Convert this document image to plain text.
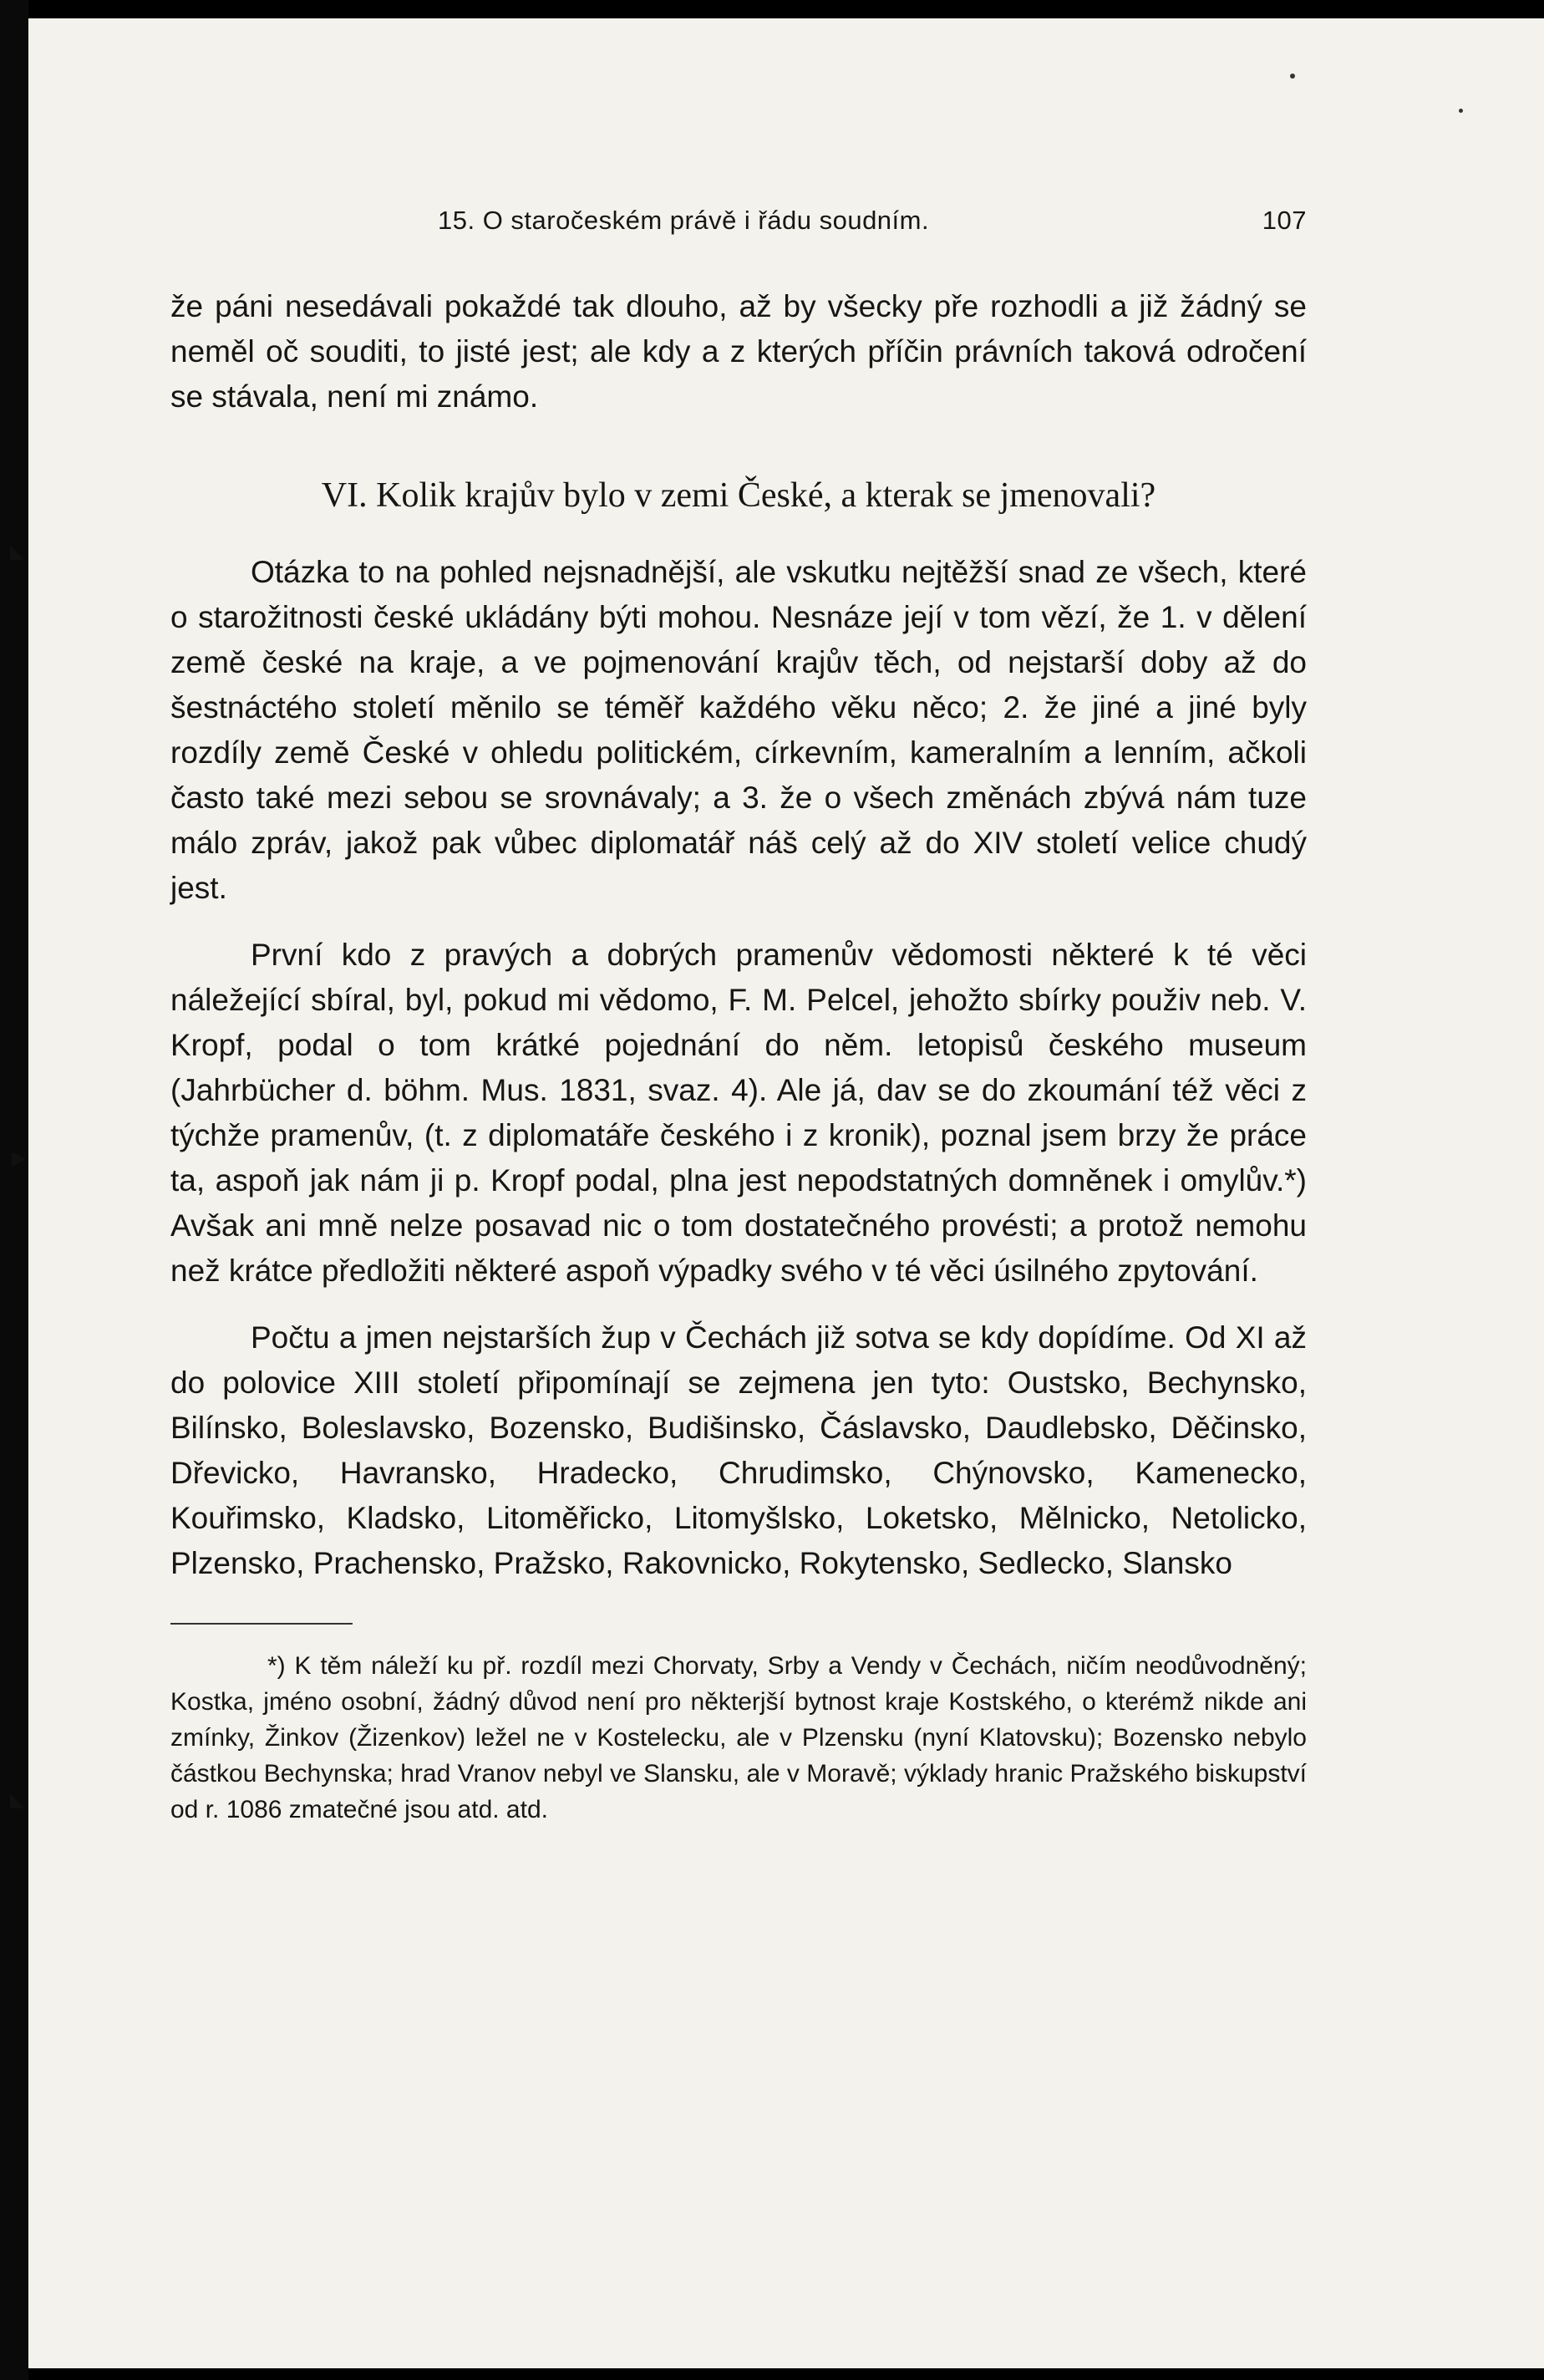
◣
▶
◣
15. O staročeském právě i řádu soudním.	107

že páni nesedávali pokaždé tak dlouho, až by všecky pře rozhodli a již žádný se neměl oč souditi, to jisté jest; ale kdy a z kterých příčin právních taková odročení se stávala, není mi známo.

VI. Kolik krajův bylo v zemi České, a kterak se jmenovali?

Otázka to na pohled nejsnadnější, ale vskutku nejtěžší snad ze všech, které o starožitnosti české ukládány býti mohou. Nesnáze její v tom vězí, že 1. v dělení země české na kraje, a ve pojmenování krajův těch, od nejstarší doby až do šestnáctého století měnilo se téměř každého věku něco; 2. že jiné a jiné byly rozdíly země České v ohledu politickém, církevním, kameralním a lenním, ačkoli často také mezi sebou se srovnávaly; a 3. že o všech změnách zbývá nám tuze málo zpráv, jakož pak vůbec diplomatář náš celý až do XIV století velice chudý jest.

První kdo z pravých a dobrých pramenův vědomosti některé k té věci náležející sbíral, byl, pokud mi vědomo, F. M. Pelcel, jehožto sbírky použiv neb. V. Kropf, podal o tom krátké pojednání do něm. letopisů českého museum (Jahrbücher d. böhm. Mus. 1831, svaz. 4). Ale já, dav se do zkoumání též věci z týchže pramenův, (t. z diplomatáře českého i z kronik), poznal jsem brzy že práce ta, aspoň jak nám ji p. Kropf podal, plna jest nepodstatných domněnek i omylův.*) Avšak ani mně nelze posavad nic o tom dostatečného provésti; a protož nemohu než krátce předložiti některé aspoň výpadky svého v té věci úsilného zpytování.

Počtu a jmen nejstarších žup v Čechách již sotva se kdy dopídíme. Od XI až do polovice XIII století připomínají se zejmena jen tyto: Oustsko, Bechynsko, Bilínsko, Boleslavsko, Bozensko, Budišinsko, Čáslavsko, Daudlebsko, Děčinsko, Dřevicko, Havransko, Hradecko, Chrudimsko, Chýnovsko, Kamenecko, Kouřimsko, Kladsko, Litoměřicko, Litomyšlsko, Loketsko, Mělnicko, Netolicko, Plzensko, Prachensko, Pražsko, Rakovnicko, Rokytensko, Sedlecko, Slansko

*) K těm náleží ku př. rozdíl mezi Chorvaty, Srby a Vendy v Čechách, ničím neodůvodněný; Kostka, jméno osobní, žádný důvod není pro některjší bytnost kraje Kostského, o kterémž nikde ani zmínky, Žinkov (Žizenkov) ležel ne v Kostelecku, ale v Plzensku (nyní Klatovsku); Bozensko nebylo částkou Bechynska; hrad Vranov nebyl ve Slansku, ale v Moravě; výklady hranic Pražského biskupství od r. 1086 zmatečné jsou atd. atd.
